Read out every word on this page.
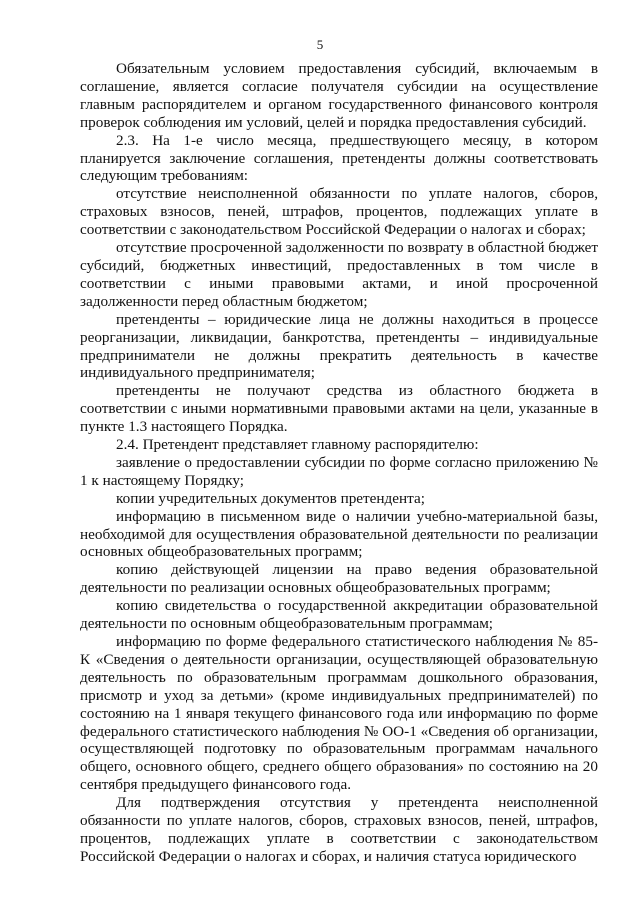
5

Обязательным условием предоставления субсидий, включаемым в соглашение, является согласие получателя субсидии на осуществление главным распорядителем и органом государственного финансового контроля проверок соблюдения им условий, целей и порядка предоставления субсидий.

2.3. На 1-е число месяца, предшествующего месяцу, в котором планируется заключение соглашения, претенденты должны соответствовать следующим требованиям:

отсутствие неисполненной обязанности по уплате налогов, сборов, страховых взносов, пеней, штрафов, процентов, подлежащих уплате в соответствии с законодательством Российской Федерации о налогах и сборах;

отсутствие просроченной задолженности по возврату в областной бюджет субсидий, бюджетных инвестиций, предоставленных в том числе в соответствии с иными правовыми актами, и иной просроченной задолженности перед областным бюджетом;

претенденты – юридические лица не должны находиться в процессе реорганизации, ликвидации, банкротства, претенденты – индивидуальные предприниматели не должны прекратить деятельность в качестве индивидуального предпринимателя;

претенденты не получают средства из областного бюджета в соответствии с иными нормативными правовыми актами на цели, указанные в пункте 1.3 настоящего Порядка.

2.4. Претендент представляет главному распорядителю:

заявление о предоставлении субсидии по форме согласно приложению № 1 к настоящему Порядку;

копии учредительных документов претендента;

информацию в письменном виде о наличии учебно-материальной базы, необходимой для осуществления образовательной деятельности по реализации основных общеобразовательных программ;

копию действующей лицензии на право ведения образовательной деятельности по реализации основных общеобразовательных программ;

копию свидетельства о государственной аккредитации образовательной деятельности по основным общеобразовательным программам;

информацию по форме федерального статистического наблюдения № 85-К «Сведения о деятельности организации, осуществляющей образовательную деятельность по образовательным программам дошкольного образования, присмотр и уход за детьми» (кроме индивидуальных предпринимателей) по состоянию на 1 января текущего финансового года или информацию по форме федерального статистического наблюдения № ОО-1 «Сведения об организации, осуществляющей подготовку по образовательным программам начального общего, основного общего, среднего общего образования» по состоянию на 20 сентября предыдущего финансового года.

Для подтверждения отсутствия у претендента неисполненной обязанности по уплате налогов, сборов, страховых взносов, пеней, штрафов, процентов, подлежащих уплате в соответствии с законодательством Российской Федерации о налогах и сборах, и наличия статуса юридического
